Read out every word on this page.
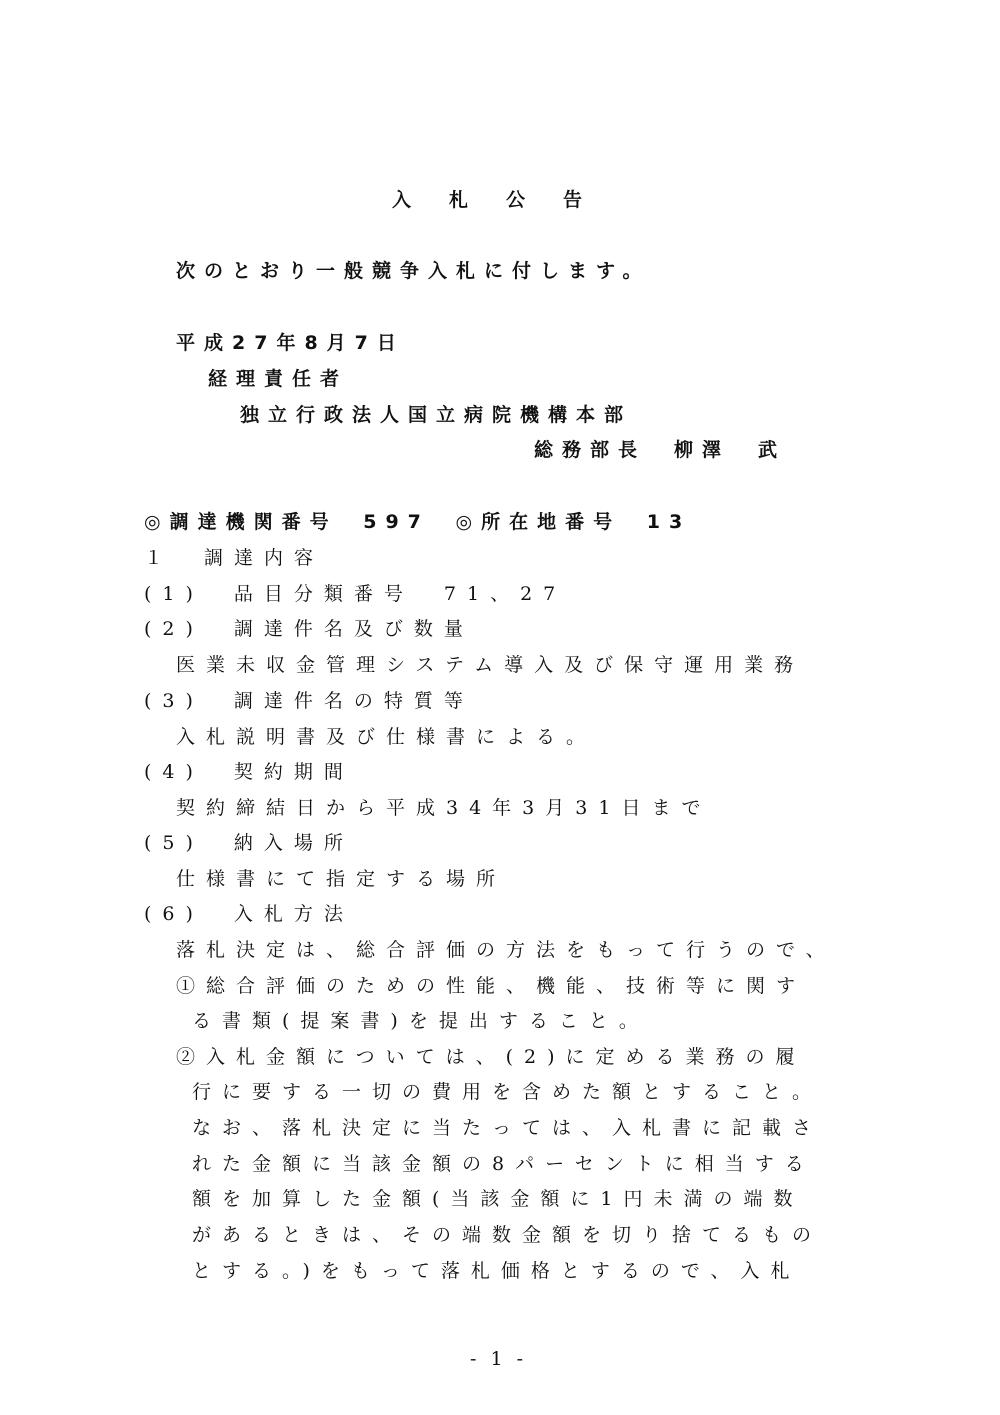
入札公告
次のとおり一般競争入札に付します。
平成27年8月7日
経理責任者
独立行政法人国立病院機構本部
総務部長　柳澤　武
◎調達機関番号 597 ◎所在地番号 13
１　調達内容
(1)　品目分類番号　71、27
(2)　調達件名及び数量
医業未収金管理システム導入及び保守運用業務
(3)　調達件名の特質等
入札説明書及び仕様書による。
(4)　契約期間
契約締結日から平成34年3月31日まで
(5)　納入場所
仕様書にて指定する場所
(6)　入札方法
落札決定は、総合評価の方法をもって行うので、
①総合評価のための性能、機能、技術等に関す
る書類(提案書)を提出すること。
②入札金額については、(2)に定める業務の履
行に要する一切の費用を含めた額とすること。
なお、落札決定に当たっては、入札書に記載さ
れた金額に当該金額の8パーセントに相当する
額を加算した金額(当該金額に1円未満の端数
があるときは、その端数金額を切り捨てるもの
とする。)をもって落札価格とするので、入札
- 1 -
